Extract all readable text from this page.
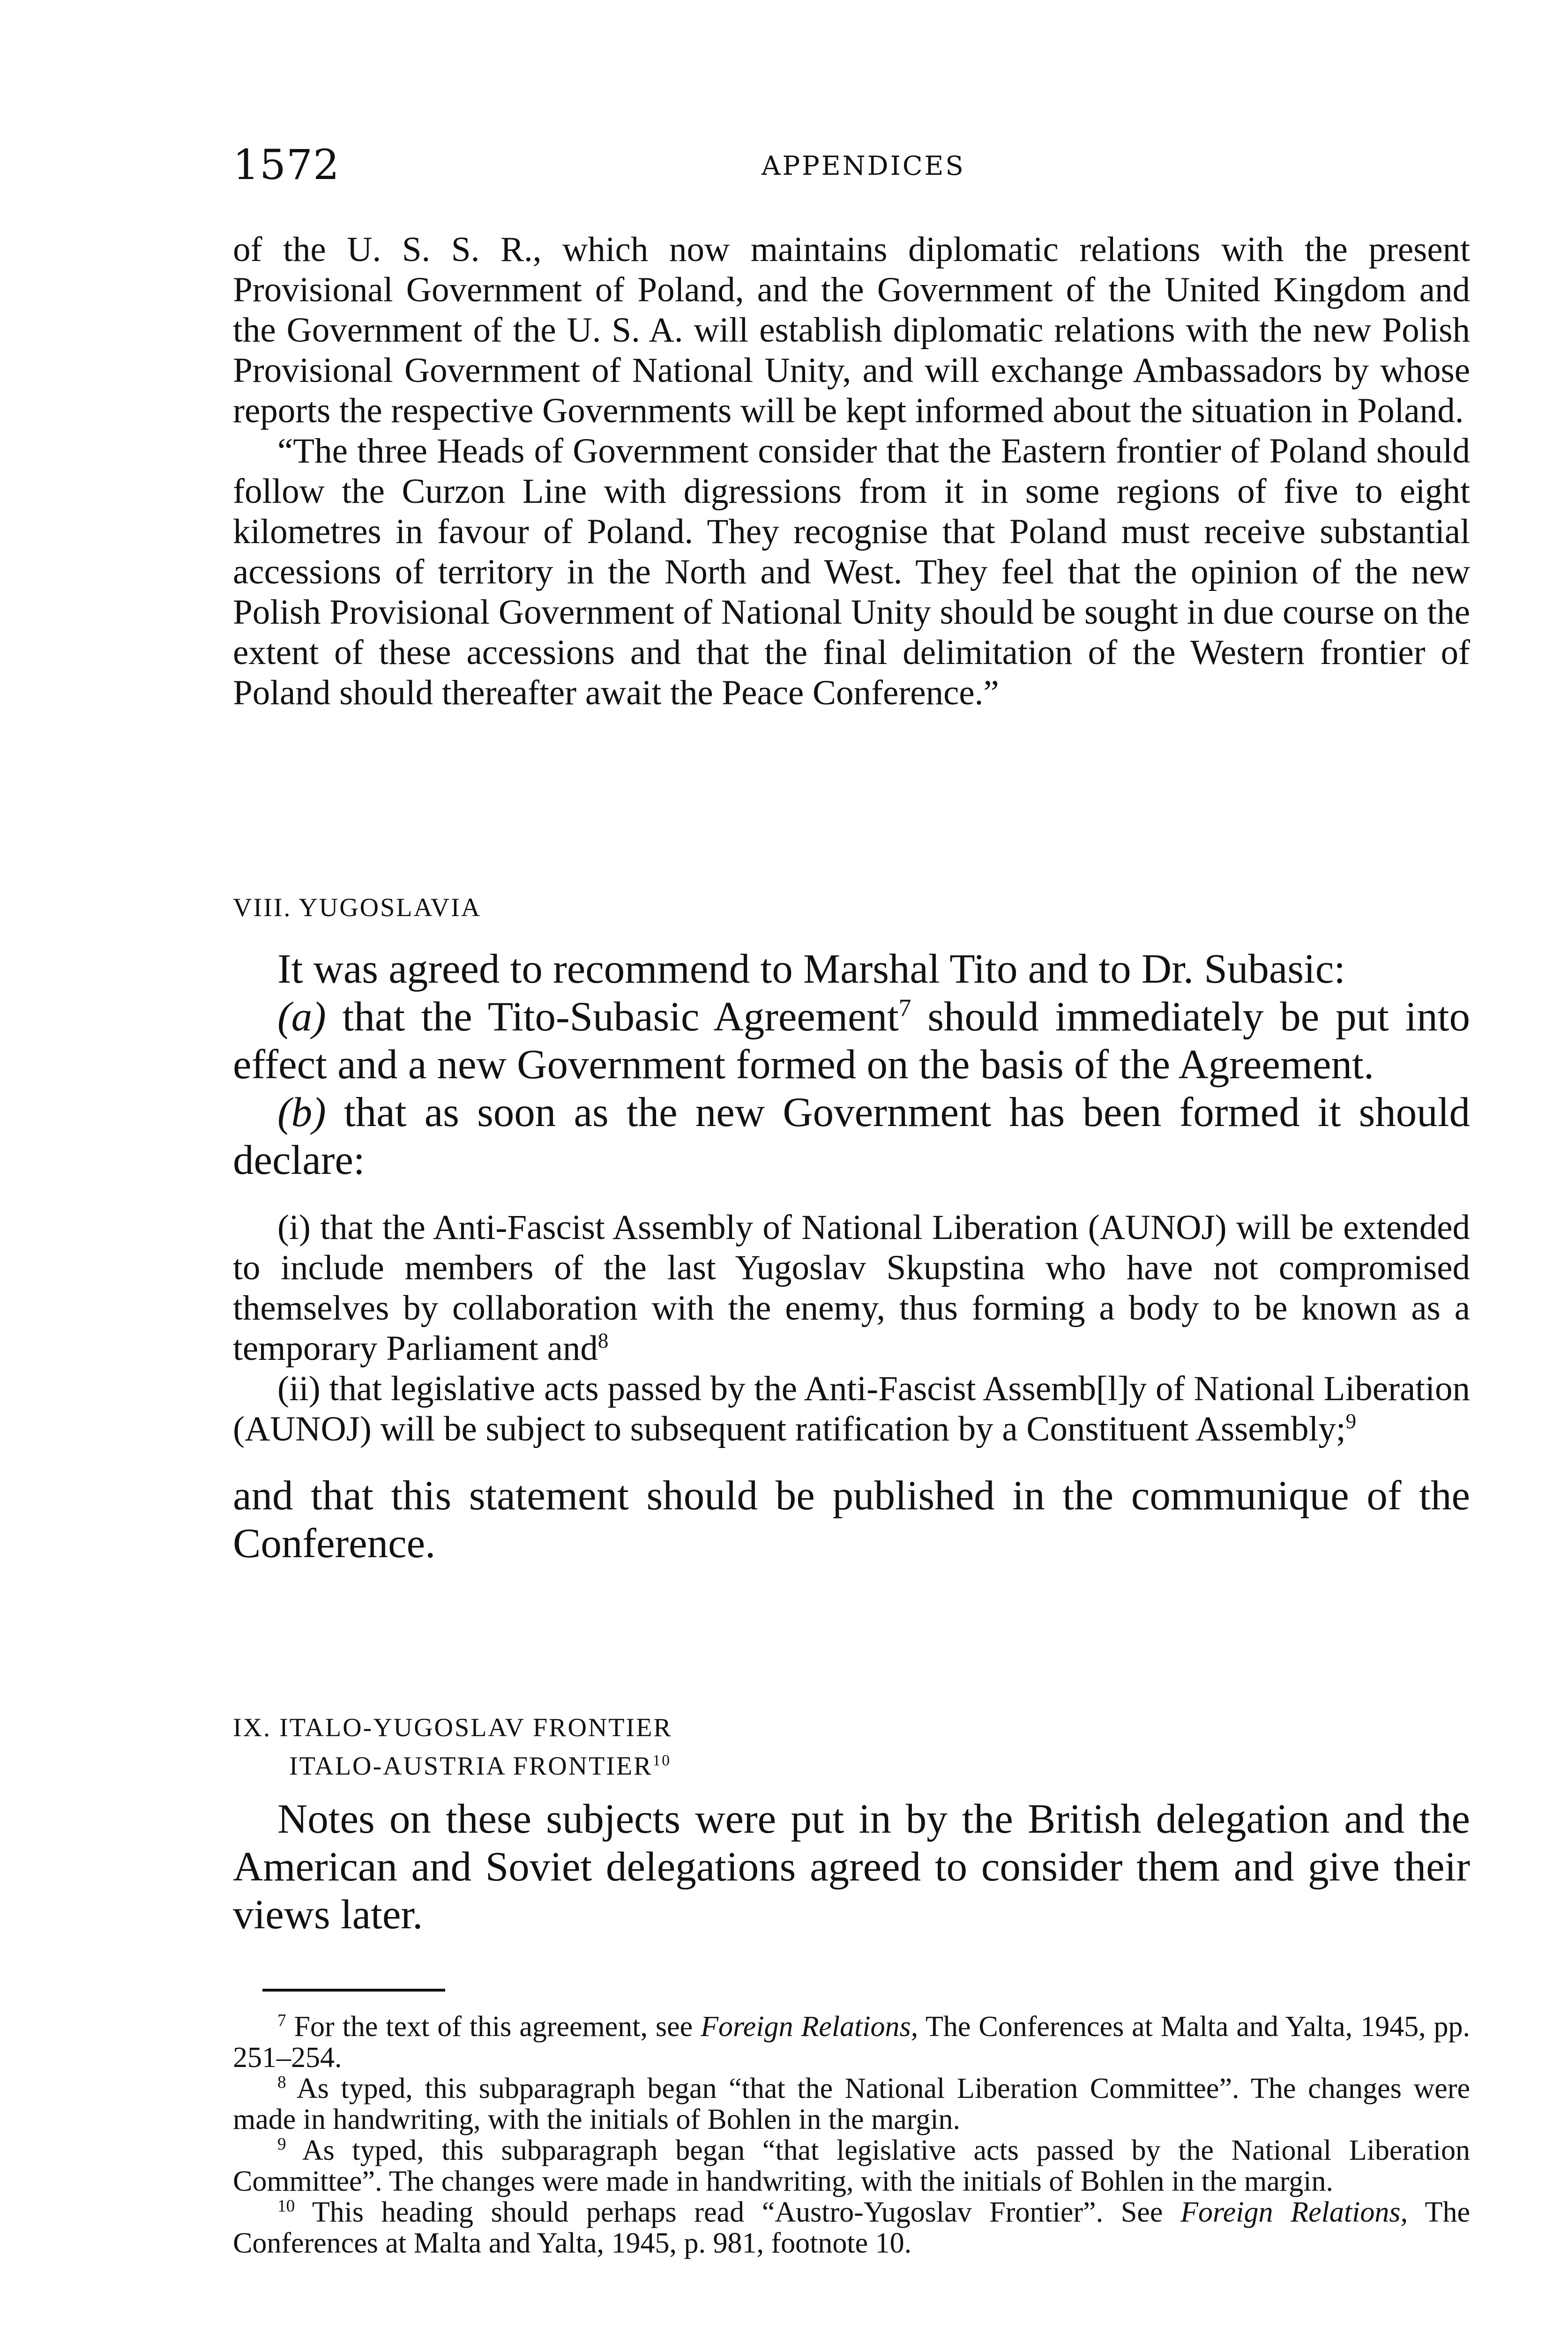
1572	APPENDICES

of the U. S. S. R., which now maintains diplomatic relations with the present Provisional Government of Poland, and the Government of the United Kingdom and the Government of the U. S. A. will establish diplomatic relations with the new Polish Provisional Government of National Unity, and will exchange Ambassadors by whose reports the respective Governments will be kept informed about the situation in Poland.

“The three Heads of Government consider that the Eastern frontier of Poland should follow the Curzon Line with digressions from it in some regions of five to eight kilometres in favour of Poland. They recognise that Poland must receive substantial accessions of territory in the North and West. They feel that the opinion of the new Polish Provisional Government of National Unity should be sought in due course on the extent of these accessions and that the final delimitation of the Western frontier of Poland should thereafter await the Peace Conference.”

VIII. YUGOSLAVIA

It was agreed to recommend to Marshal Tito and to Dr. Subasic:

(a) that the Tito-Subasic Agreement$^7$ should immediately be put into effect and a new Government formed on the basis of the Agreement.

(b) that as soon as the new Government has been formed it should declare:

(i) that the Anti-Fascist Assembly of National Liberation (AUNOJ) will be extended to include members of the last Yugoslav Skupstina who have not compromised themselves by collaboration with the enemy, thus forming a body to be known as a temporary Parliament and$^8$

(ii) that legislative acts passed by the Anti-Fascist Assemb[l]y of National Liberation (AUNOJ) will be subject to subsequent ratification by a Constituent Assembly;$^9$

and that this statement should be published in the communique of the Conference.

IX. ITALO-YUGOSLAV FRONTIER

ITALO-AUSTRIA FRONTIER$^{10}$

Notes on these subjects were put in by the British delegation and the American and Soviet delegations agreed to consider them and give their views later.

$^7$ For the text of this agreement, see Foreign Relations, The Conferences at Malta and Yalta, 1945, pp. 251–254.

$^8$ As typed, this subparagraph began “that the National Liberation Committee”. The changes were made in handwriting, with the initials of Bohlen in the margin.

$^9$ As typed, this subparagraph began “that legislative acts passed by the National Liberation Committee”. The changes were made in handwriting, with the initials of Bohlen in the margin.

$^{10}$ This heading should perhaps read “Austro-Yugoslav Frontier”. See Foreign Relations, The Conferences at Malta and Yalta, 1945, p. 981, footnote 10.
